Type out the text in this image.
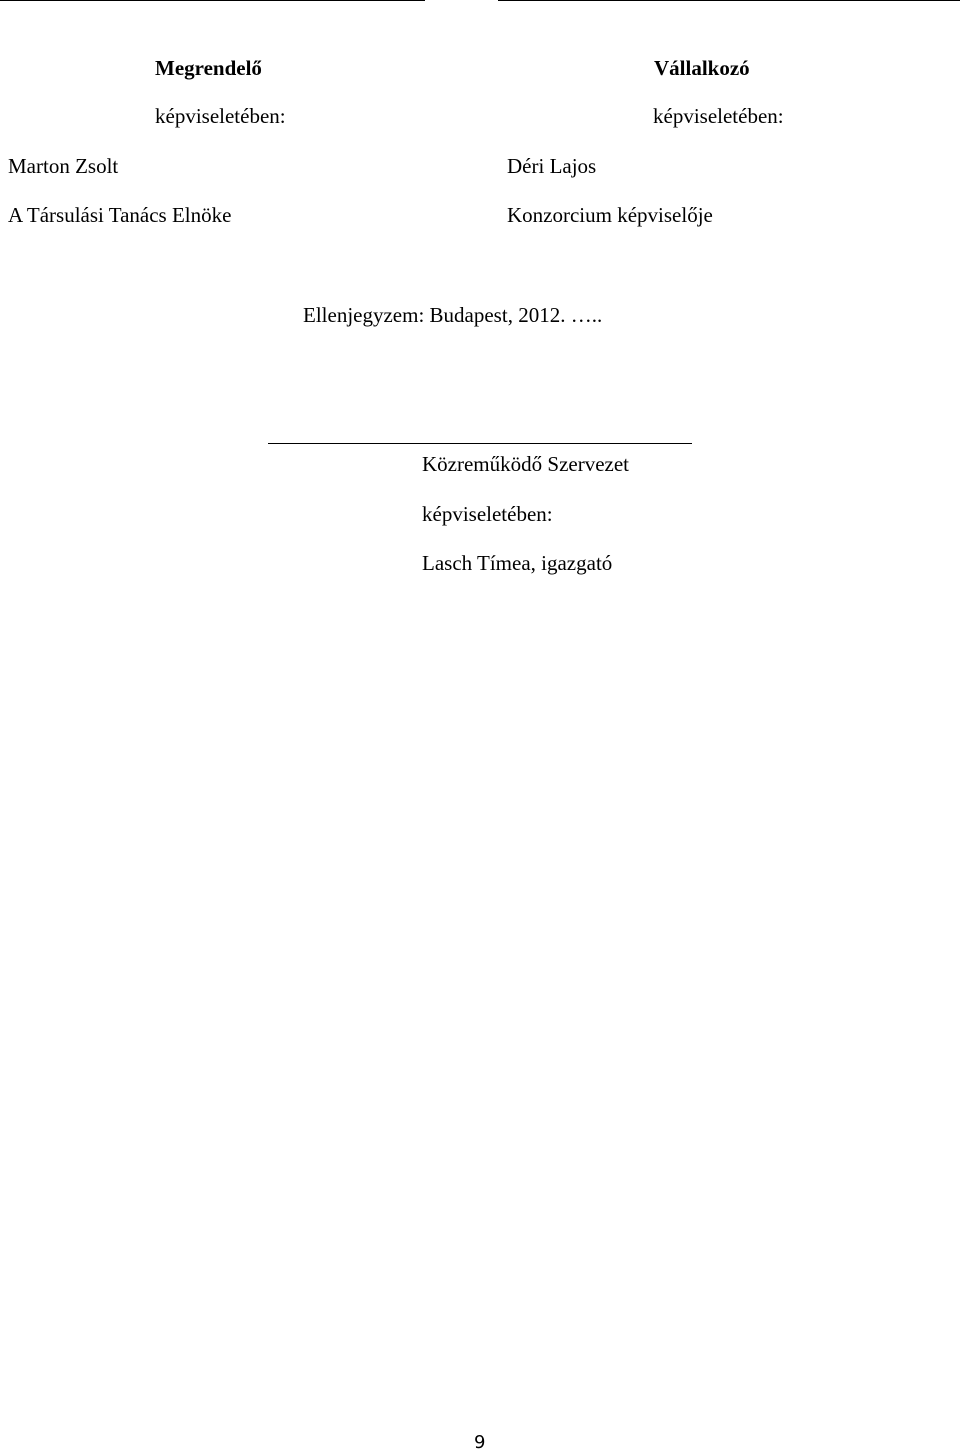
Megrendelő
képviseletében:
Marton Zsolt
A Társulási Tanács Elnöke
Vállalkozó
képviseletében:
Déri Lajos
Konzorcium képviselője
Ellenjegyzem: Budapest, 2012. …..
Közreműködő Szervezet
képviseletében:
Lasch Tímea, igazgató
9
